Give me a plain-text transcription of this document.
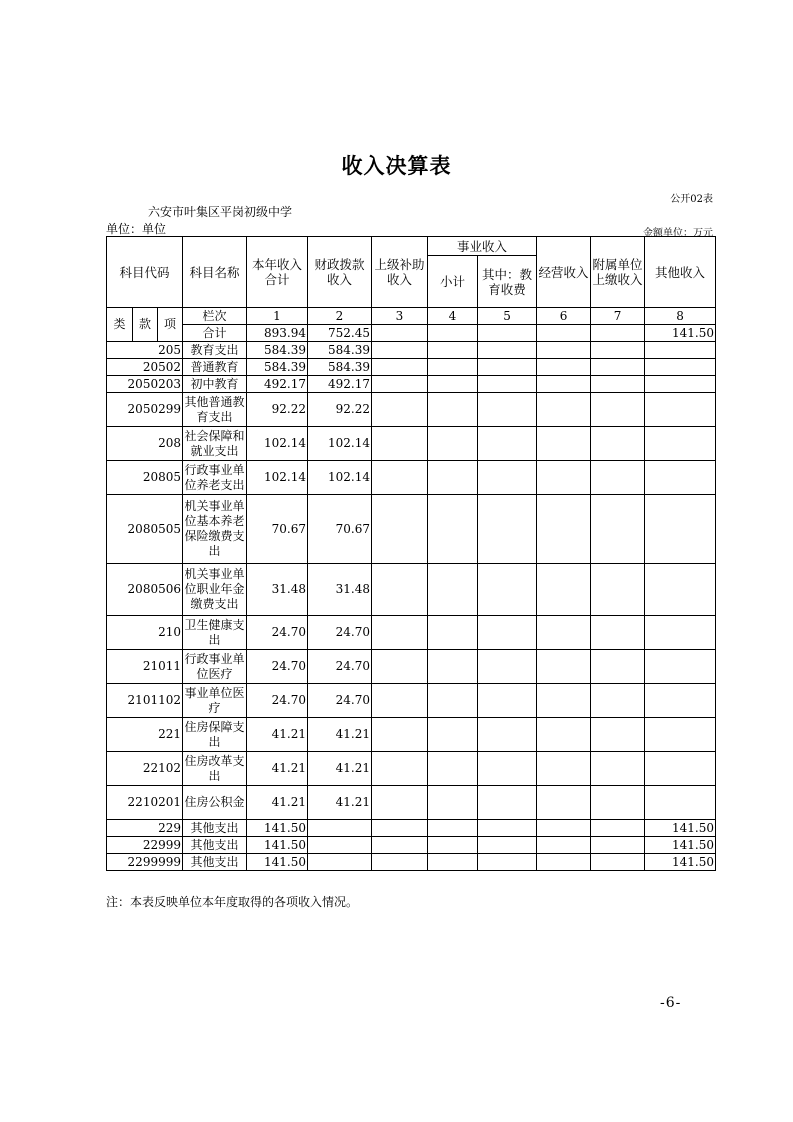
收入决算表
公开02表
六安市叶集区平岗初级中学
单位：单位	金额单位：万元
科目代码			科目名称	本年收入合计	财政拨款收入	上级补助收入	事业收入		经营收入	附属单位上缴收入	其他收入
							小计	其中：教育收费			
类	款	项	栏次	1	2	3	4	5	6	7	8
			合计	893.94	752.45						141.50
205			教育支出	584.39	584.39						
20502			普通教育	584.39	584.39						
2050203			初中教育	492.17	492.17						
2050299			其他普通教育支出	92.22	92.22						
208			社会保障和就业支出	102.14	102.14						
20805			行政事业单位养老支出	102.14	102.14						
2080505			机关事业单位基本养老保险缴费支出	70.67	70.67						
2080506			机关事业单位职业年金缴费支出	31.48	31.48						
210			卫生健康支出	24.70	24.70						
21011			行政事业单位医疗	24.70	24.70						
2101102			事业单位医疗	24.70	24.70						
221			住房保障支出	41.21	41.21						
22102			住房改革支出	41.21	41.21						
2210201			住房公积金	41.21	41.21						
229			其他支出	141.50							141.50
22999			其他支出	141.50							141.50
2299999			其他支出	141.50							141.50
注：本表反映单位本年度取得的各项收入情况。
-6-
